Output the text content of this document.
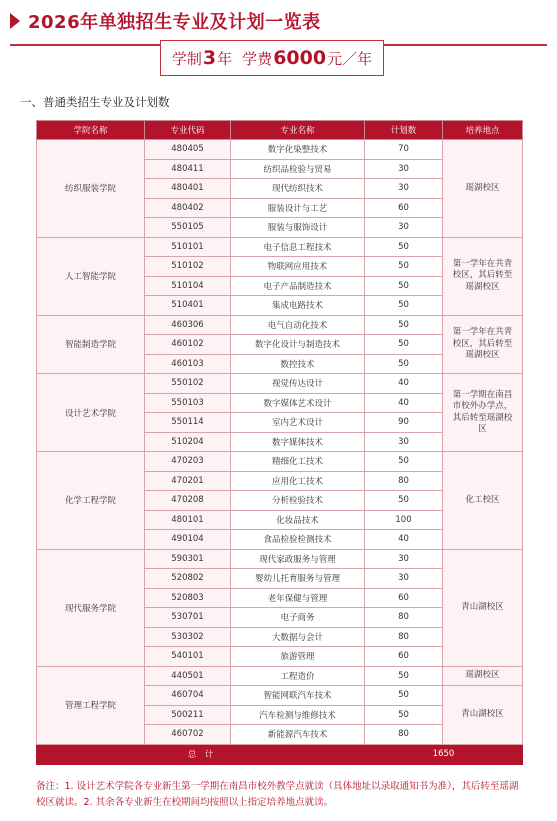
2026年单独招生专业及计划一览表
学制 3 年 学费 6000 元／年
一、普通类招生专业及计划数
学院名称	专业代码	专业名称	计划数	培养地点
纺织服装学院	480405	数字化染整技术	70	瑶湖校区
	480411	纺织品检验与贸易	30	
	480401	现代纺织技术	30	
	480402	服装设计与工艺	60	
	550105	服装与服饰设计	30	
人工智能学院	510101	电子信息工程技术	50	第一学年在共青校区，其后转至瑶湖校区
	510102	物联网应用技术	50	
	510104	电子产品制造技术	50	
	510401	集成电路技术	50	
智能制造学院	460306	电气自动化技术	50	第一学年在共青校区，其后转至瑶湖校区
	460102	数字化设计与制造技术	50	
	460103	数控技术	50	
设计艺术学院	550102	视觉传达设计	40	第一学期在南昌市校外办学点，其后转至瑶湖校区
	550103	数字媒体艺术设计	40	
	550114	室内艺术设计	90	
	510204	数字媒体技术	30	
化学工程学院	470203	精细化工技术	50	化工校区
	470201	应用化工技术	80	
	470208	分析检验技术	50	
	480101	化妆品技术	100	
	490104	食品检验检测技术	40	
现代服务学院	590301	现代家政服务与管理	30	青山湖校区
	520802	婴幼儿托育服务与管理	30	
	520803	老年保健与管理	60	
	530701	电子商务	80	
	530302	大数据与会计	80	
	540101	旅游管理	60	
管理工程学院	440501	工程造价	50	瑶湖校区
	460704	智能网联汽车技术	50	青山湖校区
	500211	汽车检测与维修技术	50	
	460702	新能源汽车技术	80	
总　计			1650	
备注：1. 设计艺术学院各专业新生第一学期在南昌市校外教学点就读（具体地址以录取通知书为准），其后转至瑶湖校区就读。2. 其余各专业新生在校期间均按照以上指定培养地点就读。
